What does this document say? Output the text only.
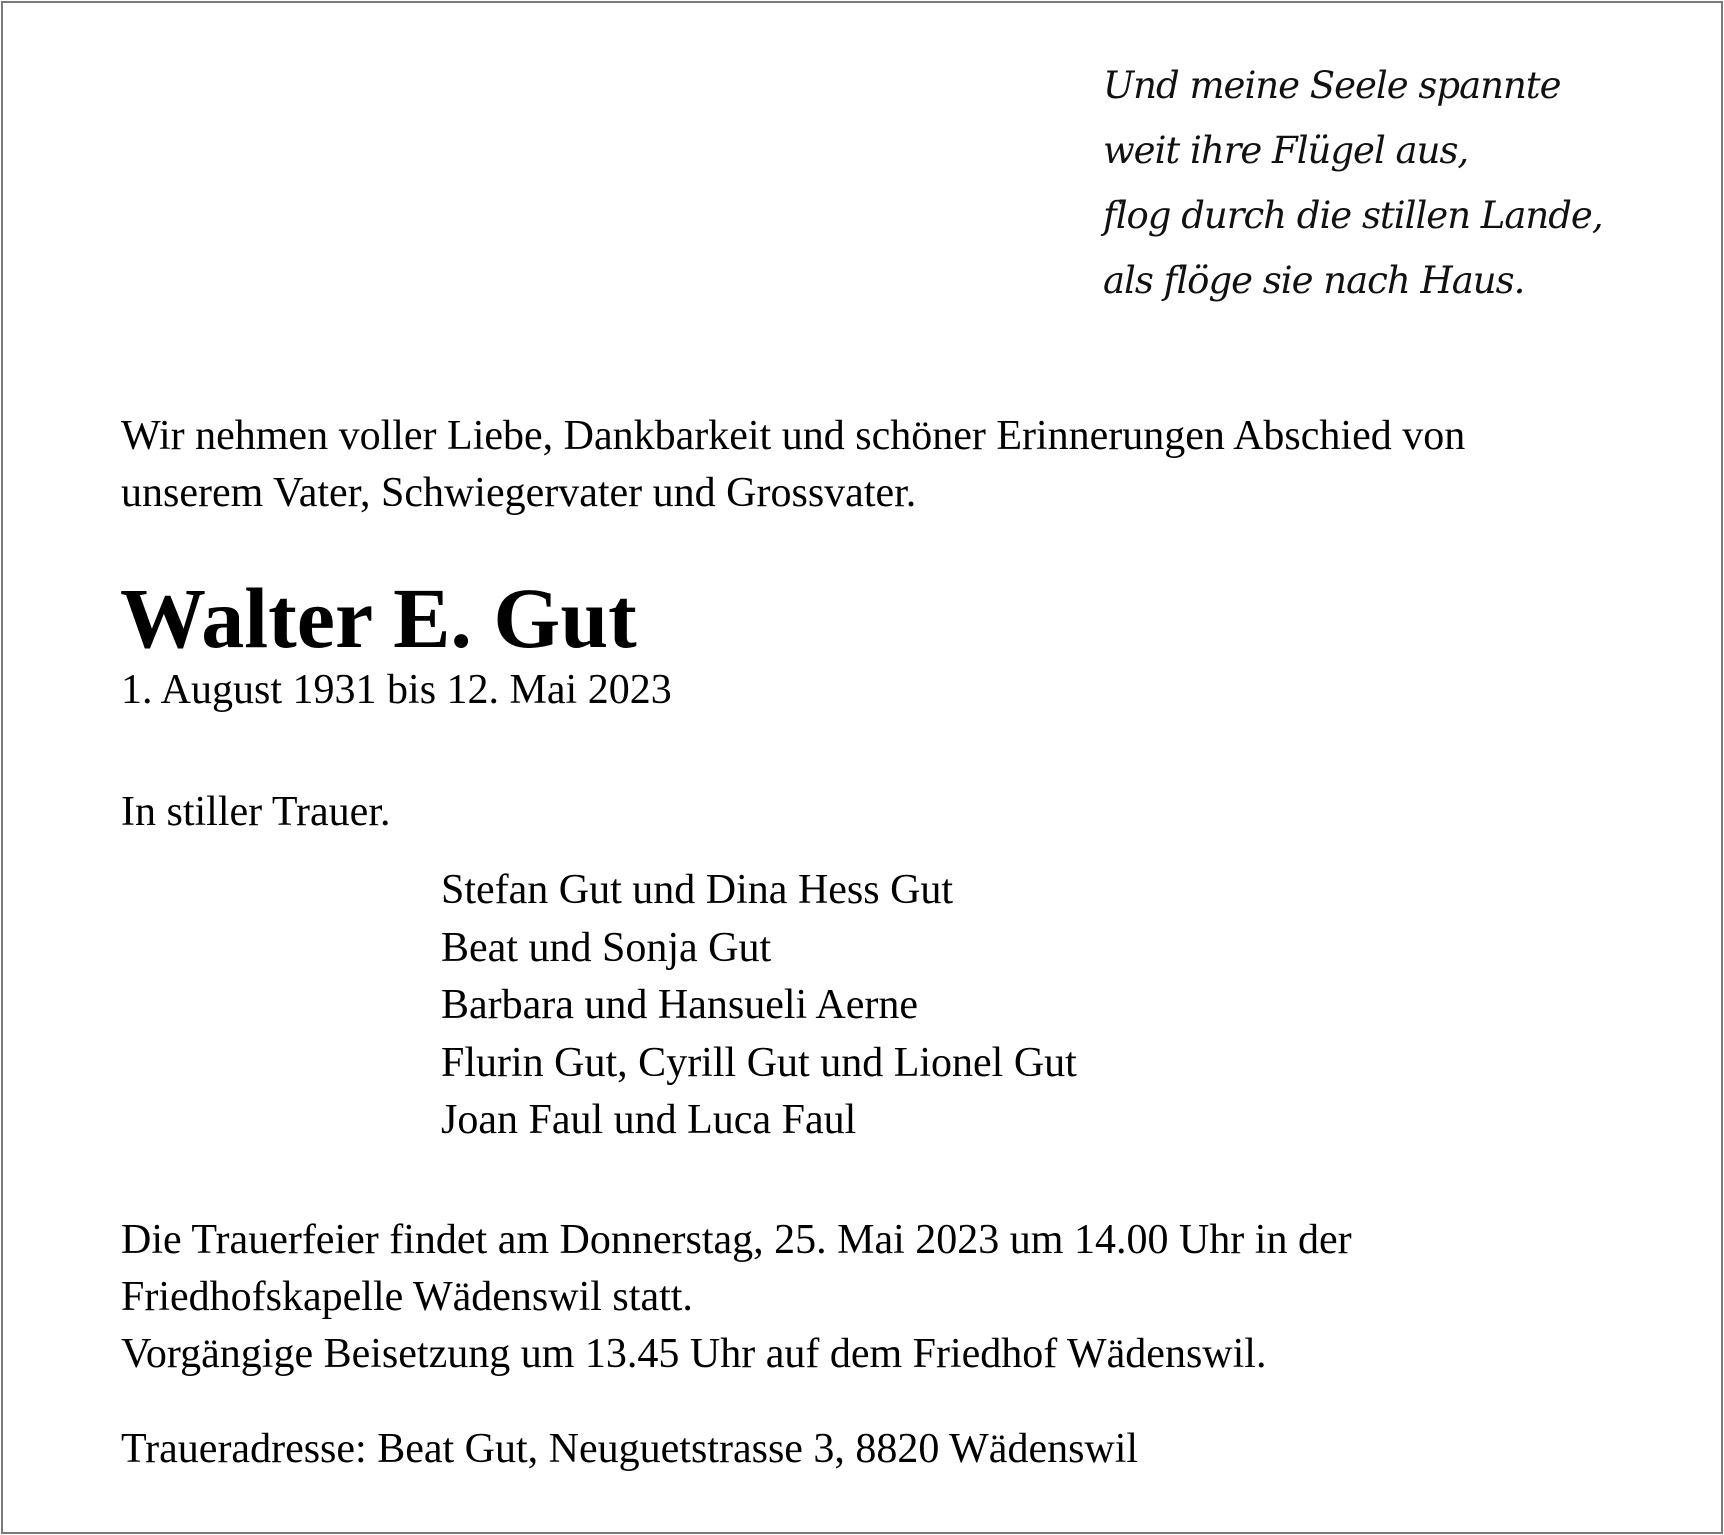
Und meine Seele spannte
weit ihre Flügel aus,
flog durch die stillen Lande,
als flöge sie nach Haus.
Wir nehmen voller Liebe, Dankbarkeit und schöner Erinnerungen Abschied von
unserem Vater, Schwiegervater und Grossvater.
Walter E. Gut
1. August 1931 bis 12. Mai 2023
In stiller Trauer.
Stefan Gut und Dina Hess Gut
Beat und Sonja Gut
Barbara und Hansueli Aerne
Flurin Gut, Cyrill Gut und Lionel Gut
Joan Faul und Luca Faul
Die Trauerfeier findet am Donnerstag, 25. Mai 2023 um 14.00 Uhr in der
Friedhofskapelle Wädenswil statt.
Vorgängige Beisetzung um 13.45 Uhr auf dem Friedhof Wädenswil.
Traueradresse: Beat Gut, Neuguetstrasse 3, 8820 Wädenswil
